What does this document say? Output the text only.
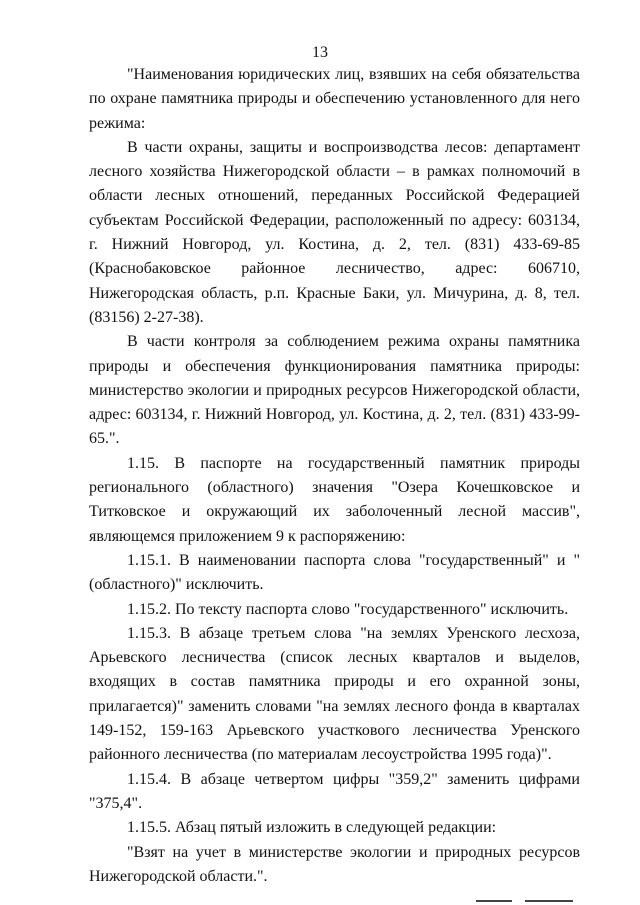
13

"Наименования юридических лиц, взявших на себя обязательства по охране памятника природы и обеспечению установленного для него режима:

В части охраны, защиты и воспроизводства лесов: департамент лесного хозяйства Нижегородской области – в рамках полномочий в области лесных отношений, переданных Российской Федерацией субъектам Российской Федерации, расположенный по адресу: 603134, г. Нижний Новгород, ул. Костина, д. 2, тел. (831) 433-69-85 (Краснобаковское районное лесничество, адрес: 606710, Нижегородская область, р.п. Красные Баки, ул. Мичурина, д. 8, тел. (83156) 2-27-38).

В части контроля за соблюдением режима охраны памятника природы и обеспечения функционирования памятника природы: министерство экологии и природных ресурсов Нижегородской области, адрес: 603134, г. Нижний Новгород, ул. Костина, д. 2, тел. (831) 433-99-65.".

1.15. В паспорте на государственный памятник природы регионального (областного) значения "Озера Кочешковское и Титковское и окружающий их заболоченный лесной массив", являющемся приложением 9 к распоряжению:

1.15.1. В наименовании паспорта слова "государственный" и "(областного)" исключить.

1.15.2. По тексту паспорта слово "государственного" исключить.

1.15.3. В абзаце третьем слова "на землях Уренского лесхоза, Арьевского лесничества (список лесных кварталов и выделов, входящих в состав памятника природы и его охранной зоны, прилагается)" заменить словами "на землях лесного фонда в кварталах 149-152, 159-163 Арьевского участкового лесничества Уренского районного лесничества (по материалам лесоустройства 1995 года)".

1.15.4. В абзаце четвертом цифры "359,2" заменить цифрами "375,4".

1.15.5. Абзац пятый изложить в следующей редакции:

"Взят на учет в министерстве экологии и природных ресурсов Нижегородской области.".
